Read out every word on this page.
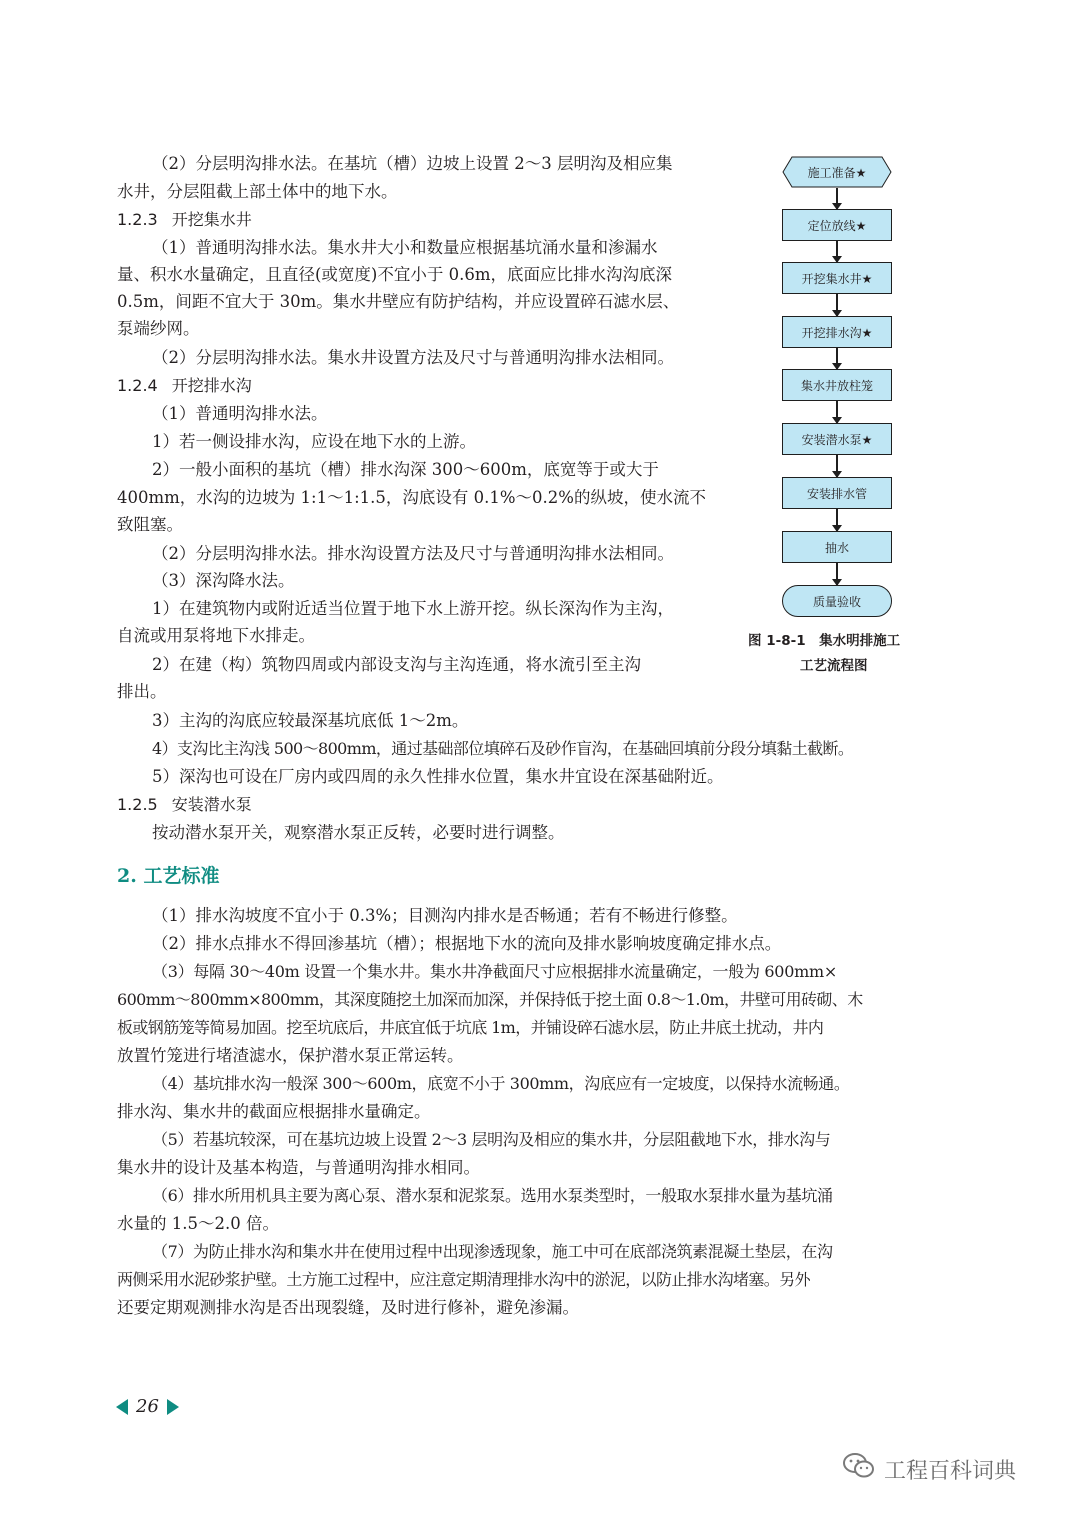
（2）分层明沟排水法。在基坑（槽）边坡上设置 2～3 层明沟及相应集
水井，分层阻截上部土体中的地下水。
1.2.3 开挖集水井
（1）普通明沟排水法。集水井大小和数量应根据基坑涌水量和渗漏水
量、积水水量确定，且直径(或宽度)不宜小于 0.6m，底面应比排水沟沟底深
0.5m，间距不宜大于 30m。集水井壁应有防护结构，并应设置碎石滤水层、
泵端纱网。
（2）分层明沟排水法。集水井设置方法及尺寸与普通明沟排水法相同。
1.2.4 开挖排水沟
（1）普通明沟排水法。
1）若一侧设排水沟，应设在地下水的上游。
2）一般小面积的基坑（槽）排水沟深 300～600m，底宽等于或大于
400mm，水沟的边坡为 1:1～1:1.5，沟底设有 0.1%～0.2%的纵坡，使水流不
致阻塞。
（2）分层明沟排水法。排水沟设置方法及尺寸与普通明沟排水法相同。
（3）深沟降水法。
1）在建筑物内或附近适当位置于地下水上游开挖。纵长深沟作为主沟，
自流或用泵将地下水排走。
2）在建（构）筑物四周或内部设支沟与主沟连通，将水流引至主沟
排出。
3）主沟的沟底应较最深基坑底低 1～2m。
4）支沟比主沟浅 500～800mm，通过基础部位填碎石及砂作盲沟，在基础回填前分段分填黏土截断。
5）深沟也可设在厂房内或四周的永久性排水位置，集水井宜设在深基础附近。
1.2.5 安装潜水泵
按动潜水泵开关，观察潜水泵正反转，必要时进行调整。
2. 工艺标准
（1）排水沟坡度不宜小于 0.3%；目测沟内排水是否畅通；若有不畅进行修整。
（2）排水点排水不得回渗基坑（槽）；根据地下水的流向及排水影响坡度确定排水点。
（3）每隔 30～40m 设置一个集水井。集水井净截面尺寸应根据排水流量确定，一般为 600mm×
600mm～800mm×800mm，其深度随挖土加深而加深，并保持低于挖土面 0.8～1.0m，井壁可用砖砌、木
板或钢筋笼等简易加固。挖至坑底后，井底宜低于坑底 1m，并铺设碎石滤水层，防止井底土扰动，井内
放置竹笼进行堵渣滤水，保护潜水泵正常运转。
（4）基坑排水沟一般深 300～600m，底宽不小于 300mm，沟底应有一定坡度，以保持水流畅通。
排水沟、集水井的截面应根据排水量确定。
（5）若基坑较深，可在基坑边坡上设置 2～3 层明沟及相应的集水井，分层阻截地下水，排水沟与
集水井的设计及基本构造，与普通明沟排水相同。
（6）排水所用机具主要为离心泵、潜水泵和泥浆泵。选用水泵类型时，一般取水泵排水量为基坑涌
水量的 1.5～2.0 倍。
（7）为防止排水沟和集水井在使用过程中出现渗透现象，施工中可在底部浇筑素混凝土垫层，在沟
两侧采用水泥砂浆护壁。土方施工过程中，应注意定期清理排水沟中的淤泥，以防止排水沟堵塞。另外
还要定期观测排水沟是否出现裂缝，及时进行修补，避免渗漏。
施工准备★
定位放线★
开挖集水井★
开挖排水沟★
集水井放柱笼
安装潜水泵★
安装排水管
抽水
质量验收
图 1-8-1　集水明排施工
工艺流程图
26
工程百科词典
